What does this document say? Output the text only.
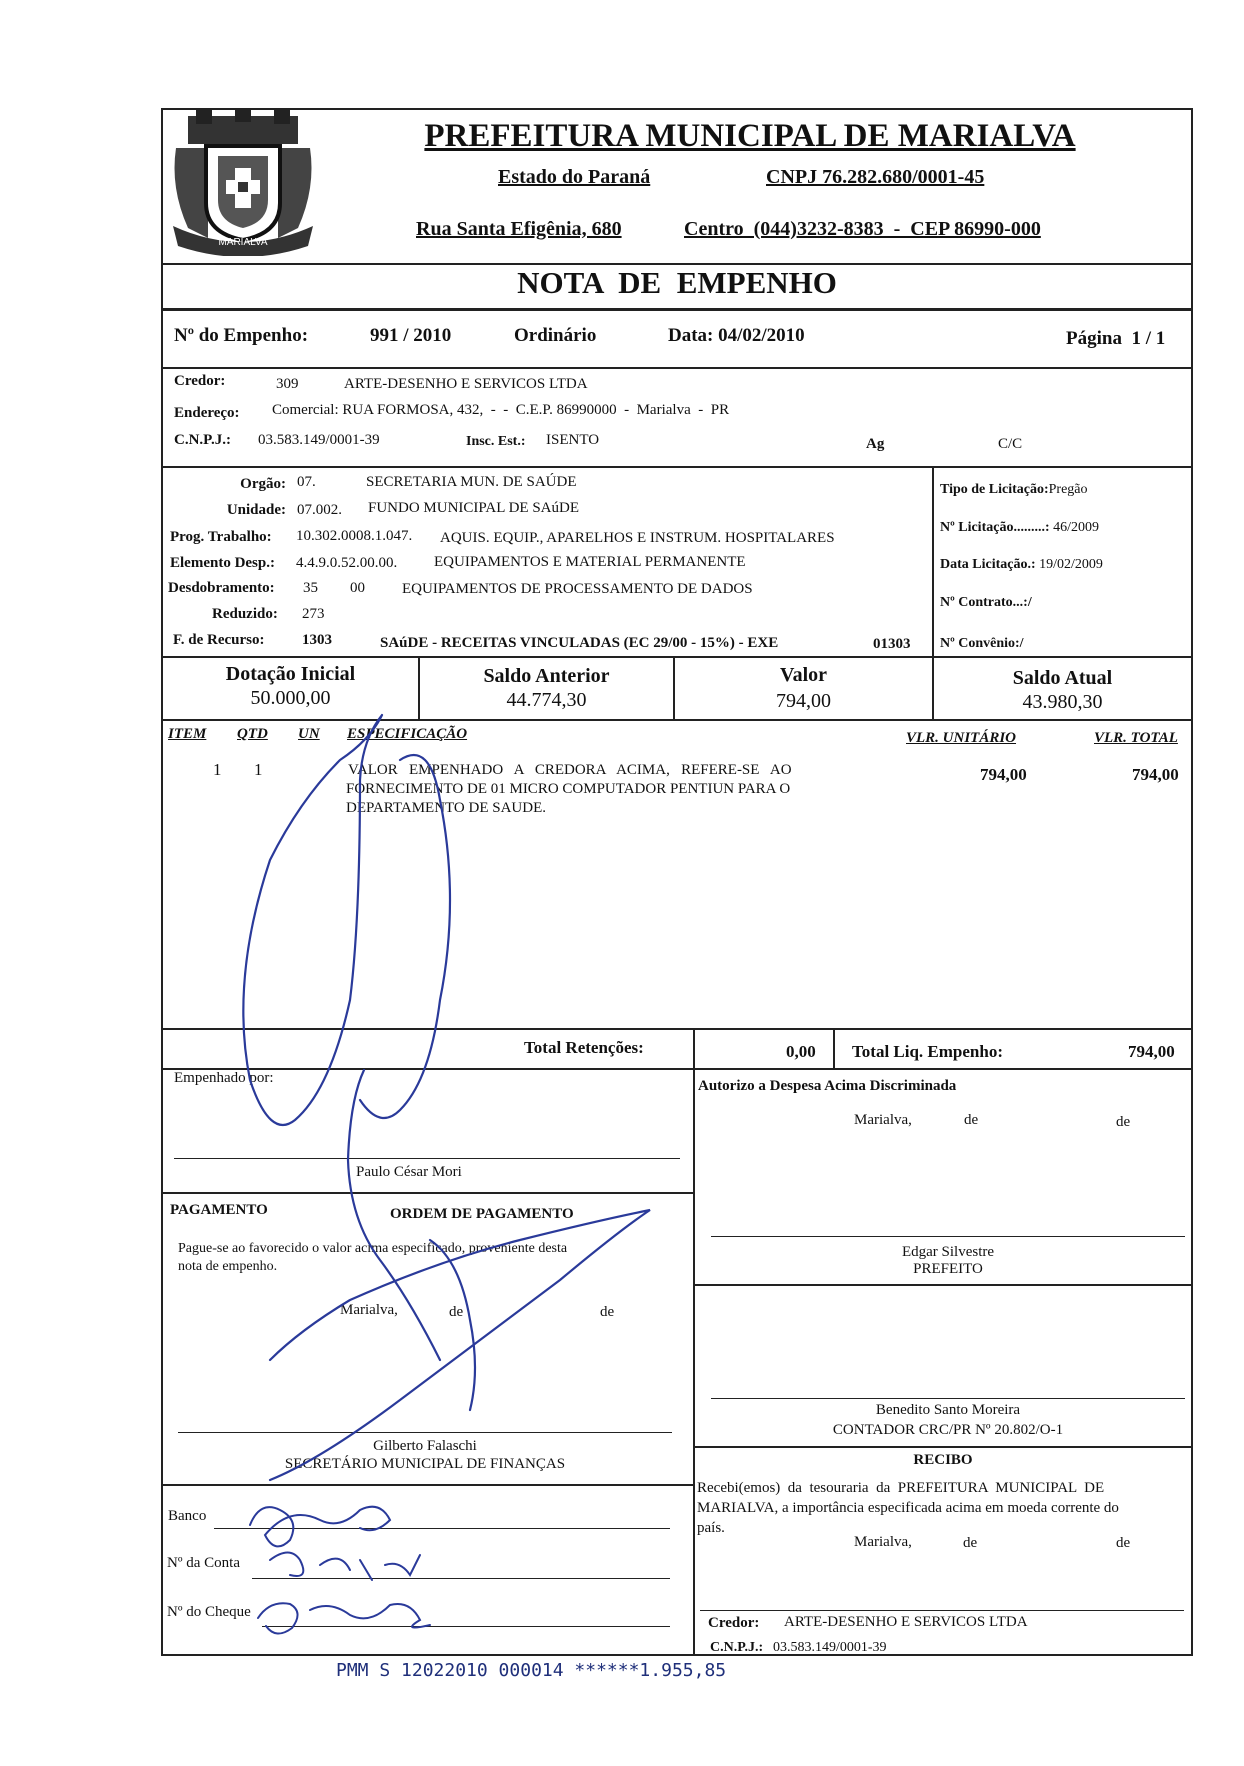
MARIALVA
PREFEITURA MUNICIPAL DE MARIALVA
Estado do Paraná	CNPJ 76.282.680/0001-45
Rua Santa Efigênia, 680	Centro  (044)3232-8383  -  CEP 86990-000
NOTA  DE  EMPENHO
Nº do Empenho:	991 / 2010	Ordinário	Data: 04/02/2010	Página  1 / 1
Credor:	309	ARTE-DESENHO E SERVICOS LTDA
Endereço: Comercial: RUA FORMOSA, 432,  -  -  C.E.P. 86990000  -  Marialva  -  PR
C.N.P.J.: 03.583.149/0001-39	Insc. Est.: ISENTO	Ag	C/C
Orgão: 07.	SECRETARIA MUN. DE SAÚDE
Unidade: 07.002. FUNDO MUNICIPAL DE SAúDE
Prog. Trabalho: 10.302.0008.1.047. AQUIS. EQUIP., APARELHOS E INSTRUM. HOSPITALARES
Elemento Desp.: 4.4.9.0.52.00.00. EQUIPAMENTOS E MATERIAL PERMANENTE
Desdobramento: 35 00 EQUIPAMENTOS DE PROCESSAMENTO DE DADOS
Reduzido: 273
F. de Recurso: 1303	SAúDE - RECEITAS VINCULADAS (EC 29/00 - 15%) - EXE	01303
Tipo de Licitação:Pregão
Nº Licitação.........: 46/2009
Data Licitação.: 19/02/2009
Nº Contrato...:/
Nº Convênio:/
Dotação Inicial
50.000,00
Saldo Anterior
44.774,30
Valor
794,00
Saldo Atual
43.980,30
ITEM QTD UN ESPECIFICAÇÃO	VLR. UNITÁRIO	VLR. TOTAL
1 1	VALOR   EMPENHADO   A   CREDORA   ACIMA,   REFERE-SE   AO
FORNECIMENTO DE 01 MICRO COMPUTADOR PENTIUN PARA O
DEPARTAMENTO DE SAUDE.
794,00	794,00
Total Retenções:	0,00 Total Liq. Empenho:	794,00
Empenhado por:
Paulo César Mori
Autorizo a Despesa Acima Discriminada
Marialva,	de	de
Edgar Silvestre
PREFEITO
PAGAMENTO	ORDEM DE PAGAMENTO
Pague-se ao favorecido o valor acima especificado, proveniente desta
nota de empenho.
Marialva,	de	de
Gilberto Falaschi
SECRETÁRIO MUNICIPAL DE FINANÇAS
Benedito Santo Moreira
CONTADOR CRC/PR Nº 20.802/O-1
Banco
Nº da Conta
Nº do Cheque
RECIBO
Recebi(emos)  da  tesouraria  da  PREFEITURA  MUNICIPAL  DE
MARIALVA, a importância especificada acima em moeda corrente do
país.
Marialva,	de	de
Credor: ARTE-DESENHO E SERVICOS LTDA
C.N.P.J.: 03.583.149/0001-39
PMM S 12022010 000014 ******1.955,85
